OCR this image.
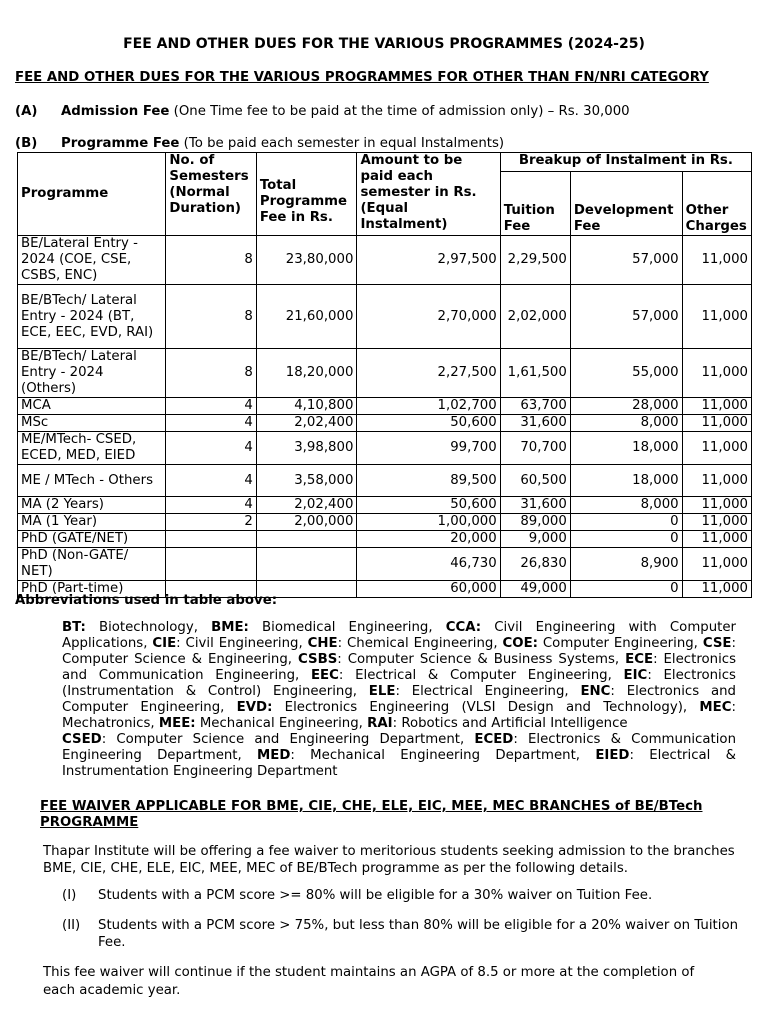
FEE AND OTHER DUES FOR THE VARIOUS PROGRAMMES (2024-25)
FEE AND OTHER DUES FOR THE VARIOUS PROGRAMMES FOR OTHER THAN FN/NRI CATEGORY
(A) Admission Fee (One Time fee to be paid at the time of admission only) – Rs. 30,000
(B) Programme Fee (To be paid each semester in equal Instalments)
Programme	No. of Semesters (Normal Duration)	Total Programme Fee in Rs.	Amount to be paid each semester in Rs. (Equal Instalment)	Breakup of Instalment in Rs.		
				Tuition Fee	Development Fee	Other Charges
BE/Lateral Entry - 2024 (COE, CSE, CSBS, ENC)	8	23,80,000	2,97,500	2,29,500	57,000	11,000
BE/BTech/ Lateral Entry - 2024 (BT, ECE, EEC, EVD, RAI)	8	21,60,000	2,70,000	2,02,000	57,000	11,000
BE/BTech/ Lateral Entry - 2024 (Others)	8	18,20,000	2,27,500	1,61,500	55,000	11,000
MCA	4	4,10,800	1,02,700	63,700	28,000	11,000
MSc	4	2,02,400	50,600	31,600	8,000	11,000
ME/MTech- CSED, ECED, MED, EIED	4	3,98,800	99,700	70,700	18,000	11,000
ME / MTech - Others	4	3,58,000	89,500	60,500	18,000	11,000
MA (2 Years)	4	2,02,400	50,600	31,600	8,000	11,000
MA (1 Year)	2	2,00,000	1,00,000	89,000	0	11,000
PhD (GATE/NET)			20,000	9,000	0	11,000
PhD (Non-GATE/ NET)			46,730	26,830	8,900	11,000
PhD (Part-time)			60,000	49,000	0	11,000
Abbreviations used in table above:
BT: Biotechnology, BME: Biomedical Engineering, CCA: Civil Engineering with Computer Applications, CIE: Civil Engineering, CHE: Chemical Engineering, COE: Computer Engineering, CSE: Computer Science & Engineering, CSBS: Computer Science & Business Systems, ECE: Electronics and Communication Engineering, EEC: Electrical & Computer Engineering, EIC: Electronics (Instrumentation & Control) Engineering, ELE: Electrical Engineering, ENC: Electronics and Computer Engineering, EVD: Electronics Engineering (VLSI Design and Technology), MEC: Mechatronics, MEE: Mechanical Engineering, RAI: Robotics and Artificial Intelligence
CSED: Computer Science and Engineering Department, ECED: Electronics & Communication Engineering Department, MED: Mechanical Engineering Department, EIED: Electrical & Instrumentation Engineering Department
FEE WAIVER APPLICABLE FOR BME, CIE, CHE, ELE, EIC, MEE, MEC BRANCHES of BE/BTech PROGRAMME
Thapar Institute will be offering a fee waiver to meritorious students seeking admission to the branches BME, CIE, CHE, ELE, EIC, MEE, MEC of BE/BTech programme as per the following details.
(I) Students with a PCM score >= 80% will be eligible for a 30% waiver on Tuition Fee.
(II) Students with a PCM score > 75%, but less than 80% will be eligible for a 20% waiver on Tuition Fee.
This fee waiver will continue if the student maintains an AGPA of 8.5 or more at the completion of each academic year.
